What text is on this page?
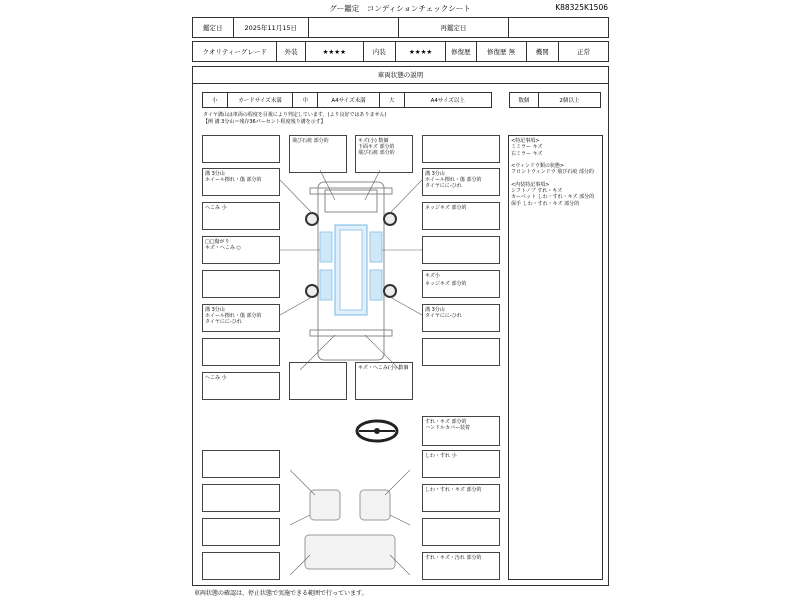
グー鑑定　コンディションチェックシート	K88325K1506
鑑定日	2025年11月15日	再鑑定日
クオリティーグレード	外装	★★★★	内装	★★★★	修復歴	修復歴 無	機関	正常
車両状態の説明
小	カードサイズ未満	中	A4サイズ未満	大	A4サイズ以上	数個	2個以上
タイヤ溝山は車両の程度を目視により判定しています。(より良好ではありません)
【例 溝 3分山＝残存36パーセント程度残り溝を示す】
<特記事項>
ミミラー キズ
右ミラー キズ

<ウィンドウ類の状態>
フロントウィンドウ 飛び石痕 部分的

<内装特記事項>
シフトノブ すれ・キズ
カーペット しわ・すれ・キズ 部分的
保手 しわ・すれ・キズ 部分的
溝 3分山
ホイール擦れ・傷 部分的
へこみ 小
□□傷がり
キズ・へこみ ○
溝 3分山
ホイール擦れ・傷 部分的
タイヤにに-ひれ
へこみ 小
飛び石痕 部分的	キズ(小) 数個
下面キズ 部分的
飛び石痕 部分的
溝 3分山
ホイール擦れ・傷 部分的
タイヤにに-ひれ
ネッジキズ 部分的
キズ小
ネッジキズ 部分的
溝 3分山
タイヤにに-ひれ
キズ・へこみ(小) 数個
すれ・キズ 部分的
ハンドルカバー装着
しわ・すれ 小
しわ・すれ・キズ 部分的
すれ・キズ・汚れ 部分的
車両状態の確認は、停止状態で実施できる範囲で行っています。
